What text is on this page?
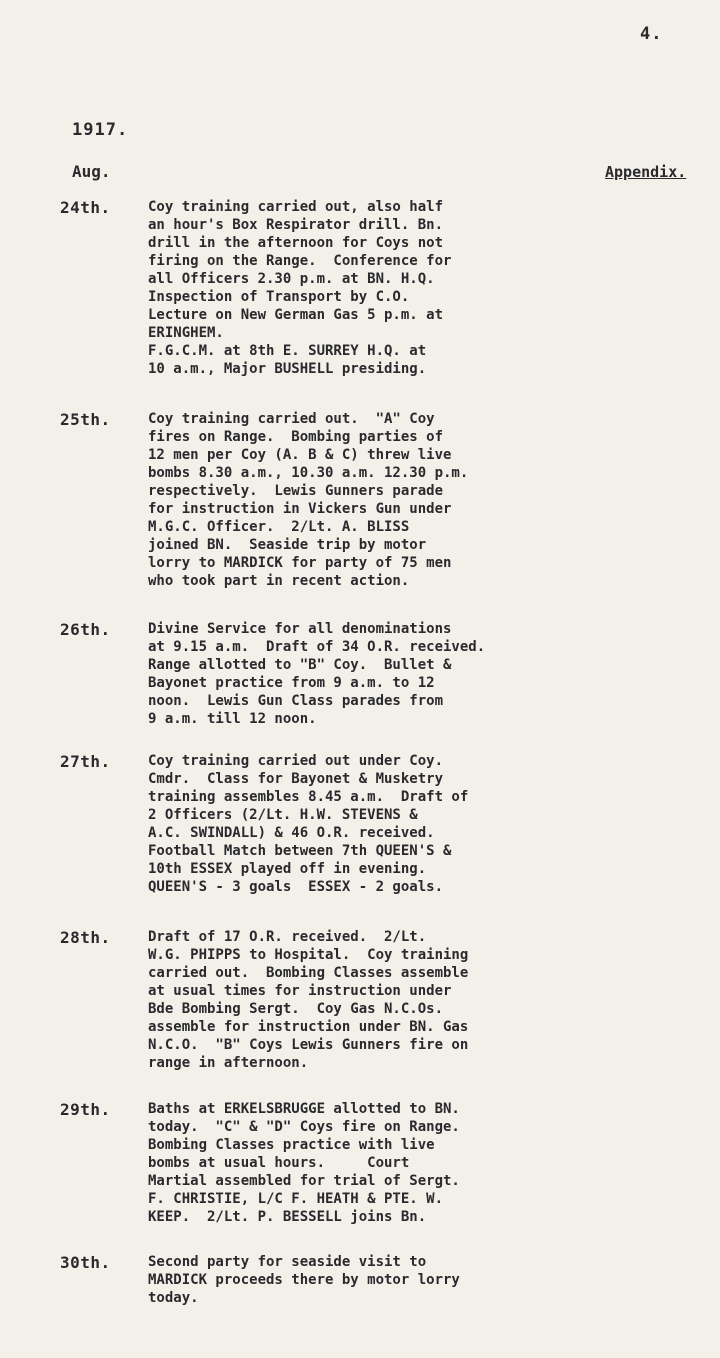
4.
1917.
Aug.	Appendix.
24th.	Coy training carried out, also half
an hour's Box Respirator drill. Bn.
drill in the afternoon for Coys not
firing on the Range.  Conference for
all Officers 2.30 p.m. at BN. H.Q.
Inspection of Transport by C.O.
Lecture on New German Gas 5 p.m. at
ERINGHEM.
F.G.C.M. at 8th E. SURREY H.Q. at
10 a.m., Major BUSHELL presiding.
25th.	Coy training carried out.  "A" Coy
fires on Range.  Bombing parties of
12 men per Coy (A. B & C) threw live
bombs 8.30 a.m., 10.30 a.m. 12.30 p.m.
respectively.  Lewis Gunners parade
for instruction in Vickers Gun under
M.G.C. Officer.  2/Lt. A. BLISS
joined BN.  Seaside trip by motor
lorry to MARDICK for party of 75 men
who took part in recent action.
26th.	Divine Service for all denominations
at 9.15 a.m.  Draft of 34 O.R. received.
Range allotted to "B" Coy.  Bullet &
Bayonet practice from 9 a.m. to 12
noon.  Lewis Gun Class parades from
9 a.m. till 12 noon.
27th.	Coy training carried out under Coy.
Cmdr.  Class for Bayonet & Musketry
training assembles 8.45 a.m.  Draft of
2 Officers (2/Lt. H.W. STEVENS &
A.C. SWINDALL) & 46 O.R. received.
Football Match between 7th QUEEN'S &
10th ESSEX played off in evening.
QUEEN'S - 3 goals  ESSEX - 2 goals.
28th.	Draft of 17 O.R. received.  2/Lt.
W.G. PHIPPS to Hospital.  Coy training
carried out.  Bombing Classes assemble
at usual times for instruction under
Bde Bombing Sergt.  Coy Gas N.C.Os.
assemble for instruction under BN. Gas
N.C.O.  "B" Coys Lewis Gunners fire on
range in afternoon.
29th.	Baths at ERKELSBRUGGE allotted to BN.
today.  "C" & "D" Coys fire on Range.
Bombing Classes practice with live
bombs at usual hours.     Court
Martial assembled for trial of Sergt.
F. CHRISTIE, L/C F. HEATH & PTE. W.
KEEP.  2/Lt. P. BESSELL joins Bn.
30th.	Second party for seaside visit to
MARDICK proceeds there by motor lorry
today.
